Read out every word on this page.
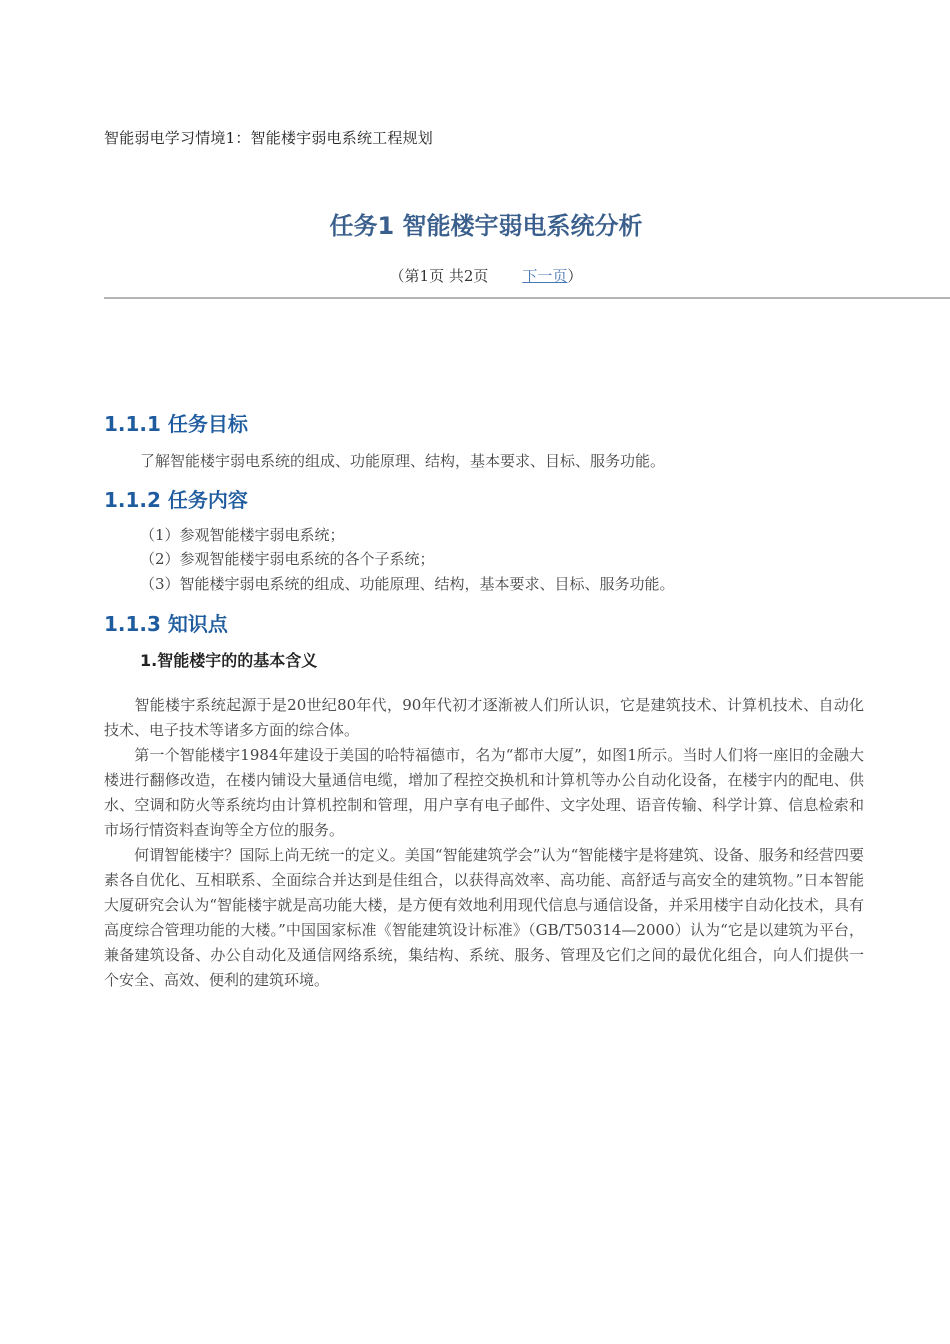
智能弱电学习情境1：智能楼宇弱电系统工程规划
任务1 智能楼宇弱电系统分析
（第1页 共2页 下一页）
1.1.1 任务目标
了解智能楼宇弱电系统的组成、功能原理、结构，基本要求、目标、服务功能。
1.1.2 任务内容
（1）参观智能楼宇弱电系统；
（2）参观智能楼宇弱电系统的各个子系统；
（3）智能楼宇弱电系统的组成、功能原理、结构，基本要求、目标、服务功能。
1.1.3 知识点
1.智能楼宇的的基本含义
　　智能楼宇系统起源于是20世纪80年代，90年代初才逐渐被人们所认识，它是建筑技术、计算机技术、自动化技术、电子技术等诸多方面的综合体。
　　第一个智能楼宇1984年建设于美国的哈特福德市，名为“都市大厦”，如图1所示。当时人们将一座旧的金融大楼进行翻修改造，在楼内铺设大量通信电缆，增加了程控交换机和计算机等办公自动化设备，在楼宇内的配电、供水、空调和防火等系统均由计算机控制和管理，用户享有电子邮件、文字处理、语音传输、科学计算、信息检索和市场行情资料查询等全方位的服务。
　　何谓智能楼宇？国际上尚无统一的定义。美国“智能建筑学会”认为“智能楼宇是将建筑、设备、服务和经营四要素各自优化、互相联系、全面综合并达到是佳组合，以获得高效率、高功能、高舒适与高安全的建筑物。”日本智能大厦研究会认为“智能楼宇就是高功能大楼，是方便有效地利用现代信息与通信设备，并采用楼宇自动化技术，具有高度综合管理功能的大楼。”中国国家标准《智能建筑设计标准》（GB/T50314—2000）认为“它是以建筑为平台，兼备建筑设备、办公自动化及通信网络系统，集结构、系统、服务、管理及它们之间的最优化组合，向人们提供一个安全、高效、便利的建筑环境。
